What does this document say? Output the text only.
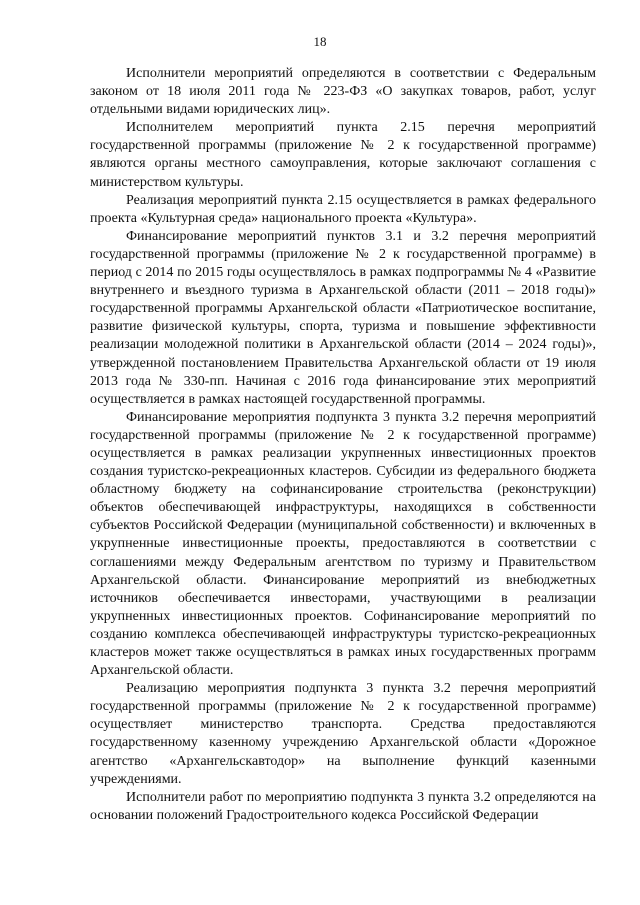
18

Исполнители мероприятий определяются в соответствии с Федеральным законом от 18 июля 2011 года № 223-ФЗ «О закупках товаров, работ, услуг отдельными видами юридических лиц».

Исполнителем мероприятий пункта 2.15 перечня мероприятий государственной программы (приложение № 2 к государственной программе) являются органы местного самоуправления, которые заключают соглашения с министерством культуры.

Реализация мероприятий пункта 2.15 осуществляется в рамках федерального проекта «Культурная среда» национального проекта «Культура».

Финансирование мероприятий пунктов 3.1 и 3.2 перечня мероприятий государственной программы (приложение № 2 к государственной программе) в период с 2014 по 2015 годы осуществлялось в рамках подпрограммы № 4 «Развитие внутреннего и въездного туризма в Архангельской области (2011 – 2018 годы)» государственной программы Архангельской области «Патриотическое воспитание, развитие физической культуры, спорта, туризма и повышение эффективности реализации молодежной политики в Архангельской области (2014 – 2024 годы)», утвержденной постановлением Правительства Архангельской области от 19 июля 2013 года № 330-пп. Начиная с 2016 года финансирование этих мероприятий осуществляется в рамках настоящей государственной программы.

Финансирование мероприятия подпункта 3 пункта 3.2 перечня мероприятий государственной программы (приложение № 2 к государственной программе) осуществляется в рамках реализации укрупненных инвестиционных проектов создания туристско-рекреационных кластеров. Субсидии из федерального бюджета областному бюджету на софинансирование строительства (реконструкции) объектов обеспечивающей инфраструктуры, находящихся в собственности субъектов Российской Федерации (муниципальной собственности) и включенных в укрупненные инвестиционные проекты, предоставляются в соответствии с соглашениями между Федеральным агентством по туризму и Правительством Архангельской области. Финансирование мероприятий из внебюджетных источников обеспечивается инвесторами, участвующими в реализации укрупненных инвестиционных проектов. Софинансирование мероприятий по созданию комплекса обеспечивающей инфраструктуры туристско-рекреационных кластеров может также осуществляться в рамках иных государственных программ Архангельской области.

Реализацию мероприятия подпункта 3 пункта 3.2 перечня мероприятий государственной программы (приложение № 2 к государственной программе) осуществляет министерство транспорта. Средства предоставляются государственному казенному учреждению Архангельской области «Дорожное агентство «Архангельскавтодор» на выполнение функций казенными учреждениями.

Исполнители работ по мероприятию подпункта 3 пункта 3.2 определяются на основании положений Градостроительного кодекса Российской Федерации
